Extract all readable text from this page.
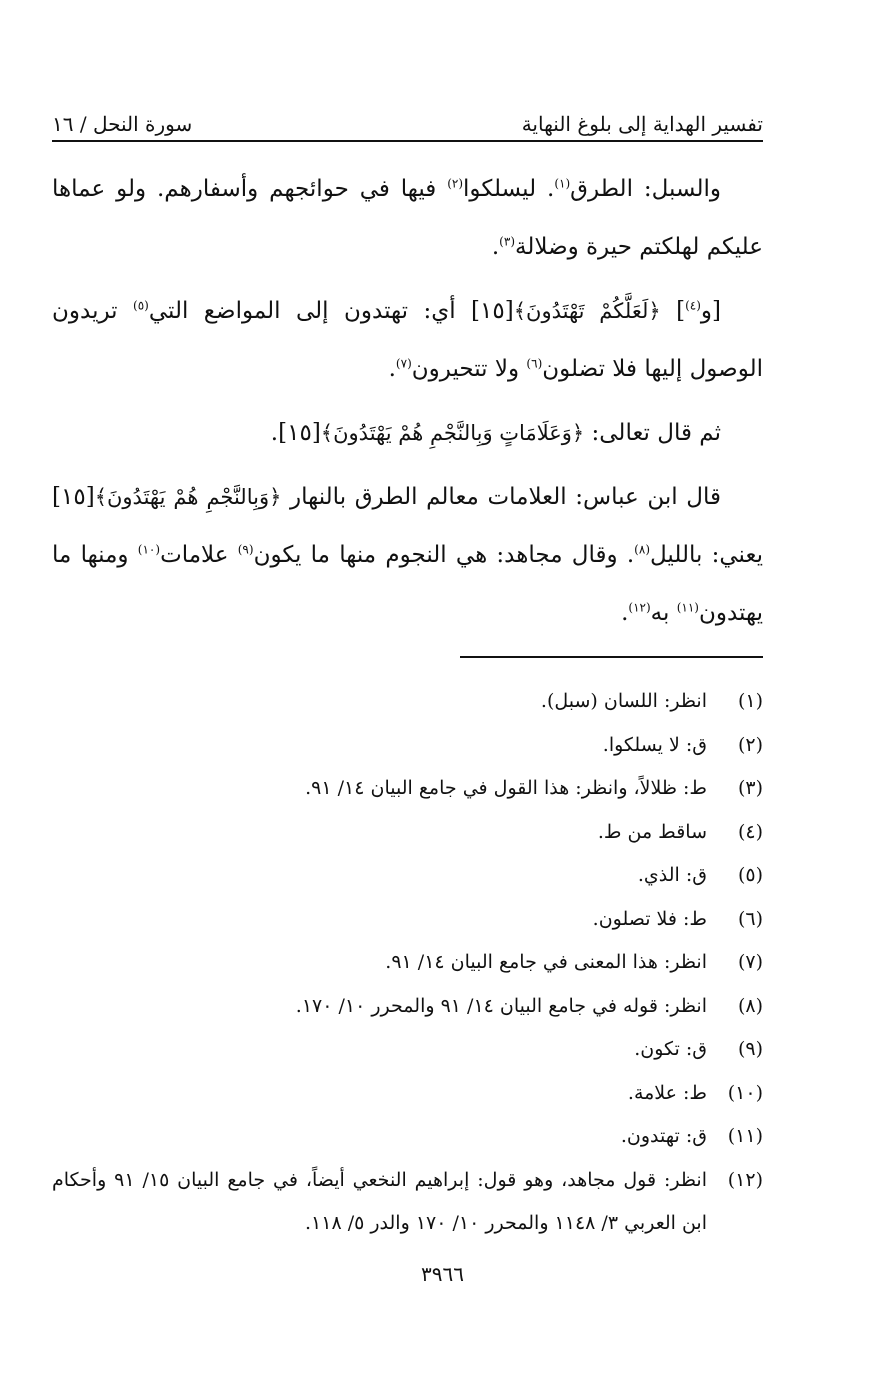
تفسير الهداية إلى بلوغ النهاية
سورة النحل / ١٦

والسبل: الطرق$^{(١)}$. ليسلكوا$^{(٢)}$ فيها في حوائجهم وأسفارهم. ولو عماها عليكم لهلكتم حيرة وضلالة$^{(٣)}$.

[و$^{(٤)}$] ﴿لَعَلَّكُمْ تَهْتَدُونَ﴾[١٥] أي: تهتدون إلى المواضع التي$^{(٥)}$ تريدون الوصول إليها فلا تضلون$^{(٦)}$ ولا تتحيرون$^{(٧)}$.

ثم قال تعالى: ﴿وَعَلَامَاتٍ وَبِالنَّجْمِ هُمْ يَهْتَدُونَ﴾[١٥].

قال ابن عباس: العلامات معالم الطرق بالنهار ﴿وَبِالنَّجْمِ هُمْ يَهْتَدُونَ﴾[١٥] يعني: بالليل$^{(٨)}$. وقال مجاهد: هي النجوم منها ما يكون$^{(٩)}$ علامات$^{(١٠)}$ ومنها ما يهتدون$^{(١١)}$ به$^{(١٢)}$.

(١)
انظر: اللسان (سبل).
(٢)
ق: لا يسلكوا.
(٣)
ط: ظلالاً، وانظر: هذا القول في جامع البيان ١٤/ ٩١.
(٤)
ساقط من ط.
(٥)
ق: الذي.
(٦)
ط: فلا تصلون.
(٧)
انظر: هذا المعنى في جامع البيان ١٤/ ٩١.
(٨)
انظر: قوله في جامع البيان ١٤/ ٩١ والمحرر ١٠/ ١٧٠.
(٩)
ق: تكون.
(١٠)
ط: علامة.
(١١)
ق: تهتدون.
(١٢)
انظر: قول مجاهد، وهو قول: إبراهيم النخعي أيضاً، في جامع البيان ١٥/ ٩١ وأحكام ابن العربي ٣/ ١١٤٨ والمحرر ١٠/ ١٧٠ والدر ٥/ ١١٨.
٣٩٦٦
